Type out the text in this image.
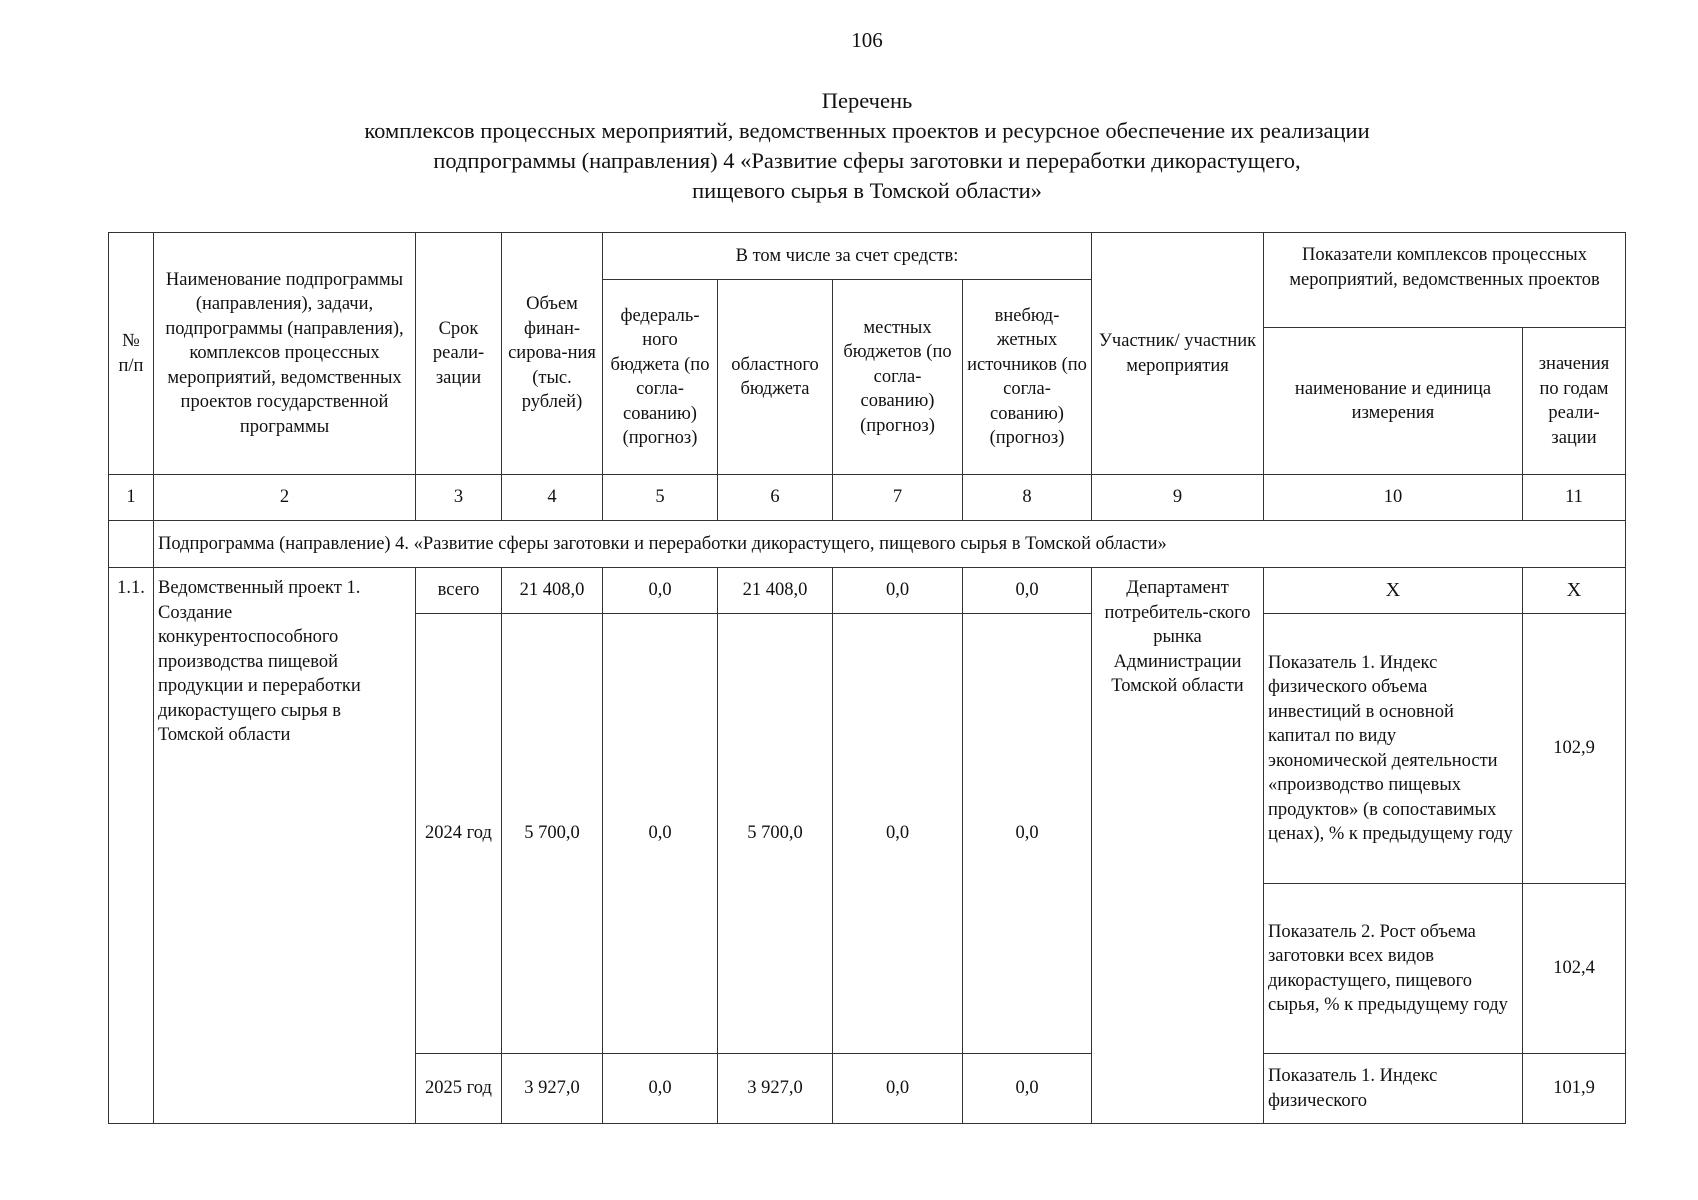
106
Перечень
комплексов процессных мероприятий, ведомственных проектов и ресурсное обеспечение их реализации
подпрограммы (направления) 4 «Развитие сферы заготовки и переработки дикорастущего,
пищевого сырья в Томской области»
№ п/п	Наименование подпрограммы (направления), задачи, подпрограммы (направления), комплексов процессных мероприятий, ведомственных проектов государственной программы	Срок реали-зации	Объем финан-сирова-ния (тыс. рублей)	В том числе за счет средств:				Участник/ участник мероприятия	Показатели комплексов процессных мероприятий, ведомственных проектов	
				федераль-ного бюджета (по согла-сованию) (прогноз)	областного бюджета	местных бюджетов (по согла-сованию) (прогноз)	внебюд-жетных источников (по согла-сованию) (прогноз)			
									наименование и единица измерения	значения по годам реали-зации
1	2	3	4	5	6	7	8	9	10	11
	Подпрограмма (направление) 4. «Развитие сферы заготовки и переработки дикорастущего, пищевого сырья в Томской области»									
1.1.	Ведомственный проект 1. Создание конкурентоспособного производства пищевой продукции и переработки дикорастущего сырья в Томской области	всего	21 408,0	0,0	21 408,0	0,0	0,0	Департамент потребитель-ского рынка Администрации Томской области	Х	Х
		2024 год	5 700,0	0,0	5 700,0	0,0	0,0		Показатель 1. Индекс физического объема инвестиций в основной капитал по виду экономической деятельности «производство пищевых продуктов» (в сопоставимых ценах), % к предыдущему году	102,9
									Показатель 2. Рост объема заготовки всех видов дикорастущего, пищевого сырья, % к предыдущему году	102,4
		2025 год	3 927,0	0,0	3 927,0	0,0	0,0		Показатель 1. Индекс физического	101,9
